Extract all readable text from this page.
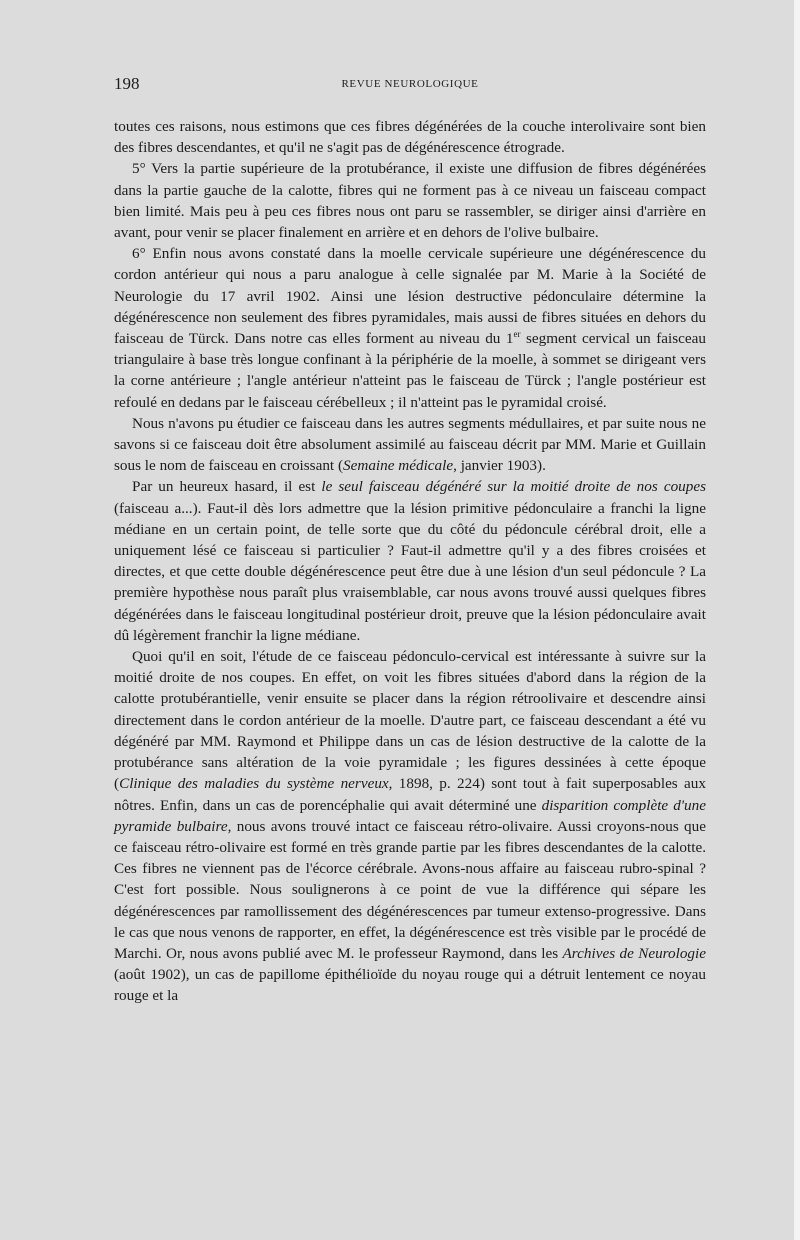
198	REVUE NEUROLOGIQUE

toutes ces raisons, nous estimons que ces fibres dégénérées de la couche interolivaire sont bien des fibres descendantes, et qu'il ne s'agit pas de dégénérescence étrograde.

5° Vers la partie supérieure de la protubérance, il existe une diffusion de fibres dégénérées dans la partie gauche de la calotte, fibres qui ne forment pas à ce niveau un faisceau compact bien limité. Mais peu à peu ces fibres nous ont paru se rassembler, se diriger ainsi d'arrière en avant, pour venir se placer finalement en arrière et en dehors de l'olive bulbaire.

6° Enfin nous avons constaté dans la moelle cervicale supérieure une dégénérescence du cordon antérieur qui nous a paru analogue à celle signalée par M. Marie à la Société de Neurologie du 17 avril 1902. Ainsi une lésion destructive pédonculaire détermine la dégénérescence non seulement des fibres pyramidales, mais aussi de fibres situées en dehors du faisceau de Türck. Dans notre cas elles forment au niveau du 1er segment cervical un faisceau triangulaire à base très longue confinant à la périphérie de la moelle, à sommet se dirigeant vers la corne antérieure ; l'angle antérieur n'atteint pas le faisceau de Türck ; l'angle postérieur est refoulé en dedans par le faisceau cérébelleux ; il n'atteint pas le pyramidal croisé.

Nous n'avons pu étudier ce faisceau dans les autres segments médullaires, et par suite nous ne savons si ce faisceau doit être absolument assimilé au faisceau décrit par MM. Marie et Guillain sous le nom de faisceau en croissant (Semaine médicale, janvier 1903).

Par un heureux hasard, il est le seul faisceau dégénéré sur la moitié droite de nos coupes (faisceau a...). Faut-il dès lors admettre que la lésion primitive pédonculaire a franchi la ligne médiane en un certain point, de telle sorte que du côté du pédoncule cérébral droit, elle a uniquement lésé ce faisceau si particulier ? Faut-il admettre qu'il y a des fibres croisées et directes, et que cette double dégénérescence peut être due à une lésion d'un seul pédoncule ? La première hypothèse nous paraît plus vraisemblable, car nous avons trouvé aussi quelques fibres dégénérées dans le faisceau longitudinal postérieur droit, preuve que la lésion pédonculaire avait dû légèrement franchir la ligne médiane.

Quoi qu'il en soit, l'étude de ce faisceau pédonculo-cervical est intéressante à suivre sur la moitié droite de nos coupes. En effet, on voit les fibres situées d'abord dans la région de la calotte protubérantielle, venir ensuite se placer dans la région rétroolivaire et descendre ainsi directement dans le cordon antérieur de la moelle. D'autre part, ce faisceau descendant a été vu dégénéré par MM. Raymond et Philippe dans un cas de lésion destructive de la calotte de la protubérance sans altération de la voie pyramidale ; les figures dessinées à cette époque (Clinique des maladies du système nerveux, 1898, p. 224) sont tout à fait superposables aux nôtres. Enfin, dans un cas de porencéphalie qui avait déterminé une disparition complète d'une pyramide bulbaire, nous avons trouvé intact ce faisceau rétro-olivaire. Aussi croyons-nous que ce faisceau rétro-olivaire est formé en très grande partie par les fibres descendantes de la calotte. Ces fibres ne viennent pas de l'écorce cérébrale. Avons-nous affaire au faisceau rubro-spinal ? C'est fort possible. Nous soulignerons à ce point de vue la différence qui sépare les dégénérescences par ramollissement des dégénérescences par tumeur extenso-progressive. Dans le cas que nous venons de rapporter, en effet, la dégénérescence est très visible par le procédé de Marchi. Or, nous avons publié avec M. le professeur Raymond, dans les Archives de Neurologie (août 1902), un cas de papillome épithélioïde du noyau rouge qui a détruit lentement ce noyau rouge et la
